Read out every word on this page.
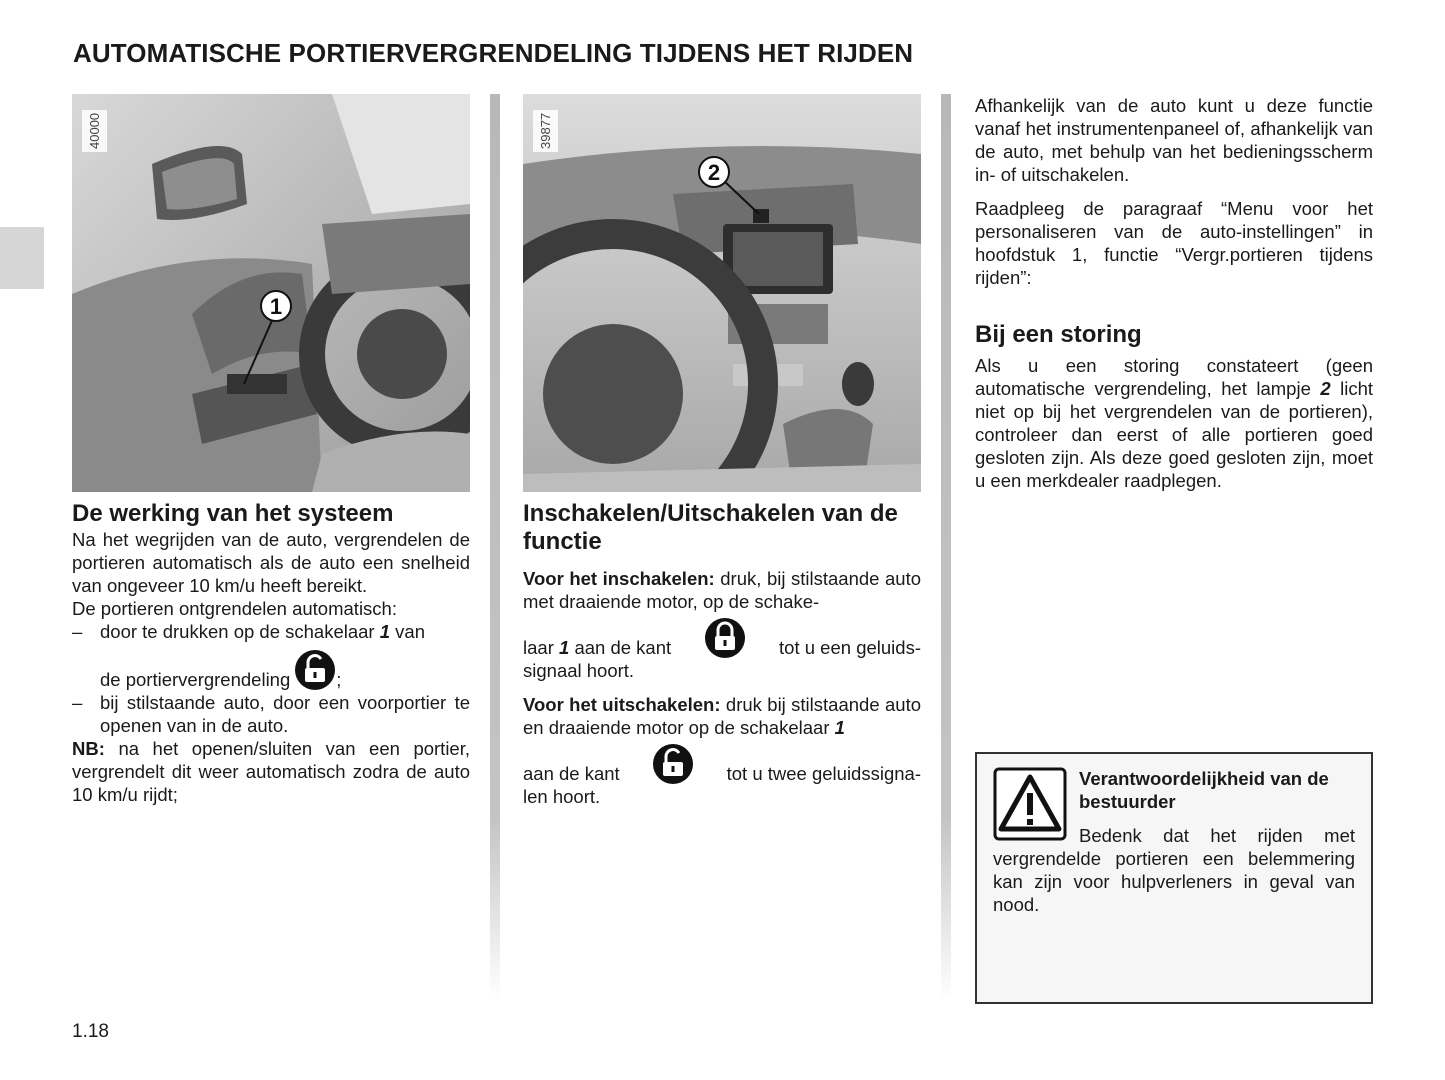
AUTOMATISCHE PORTIERVERGRENDELING TIJDENS HET RIJDEN
40000
1
De werking van het systeem

Na het wegrijden van de auto, vergrendelen de portieren automatisch als de auto een snelheid van ongeveer 10 km/u heeft bereikt.

De portieren ontgrendelen automatisch:
– door te drukken op de schakelaar 1 van
de portiervergrendeling ;
– bij stilstaande auto, door een voorportier te openen van in de auto.

NB: na het openen/sluiten van een portier, vergrendelt dit weer automatisch zodra de auto 10 km/u rijdt;

39877
2
Inschakelen/Uitschakelen van de functie

Voor het inschakelen: druk, bij stilstaande auto met draaiende motor, op de schake-

laar 1 aan de kant	tot u een geluids-
signaal hoort.

Voor het uitschakelen: druk bij stilstaande auto en draaiende motor op de schakelaar 1

aan de kant	tot u twee geluidssigna-
len hoort.

Afhankelijk van de auto kunt u deze functie vanaf het instrumentenpaneel of, afhankelijk van de auto, met behulp van het bedieningsscherm in- of uitschakelen.

Raadpleeg de paragraaf “Menu voor het personaliseren van de auto-instellingen” in hoofdstuk 1, functie “Vergr.portieren tijdens rijden”:

Bij een storing

Als u een storing constateert (geen automatische vergrendeling, het lampje 2 licht niet op bij het vergrendelen van de portieren), controleer dan eerst of alle portieren goed gesloten zijn. Als deze goed gesloten zijn, moet u een merkdealer raadplegen.

Verantwoordelijkheid van de bestuurder
Bedenk dat het rijden met vergrendelde portieren een belemmering kan zijn voor hulpverleners in geval van nood.
1.18
